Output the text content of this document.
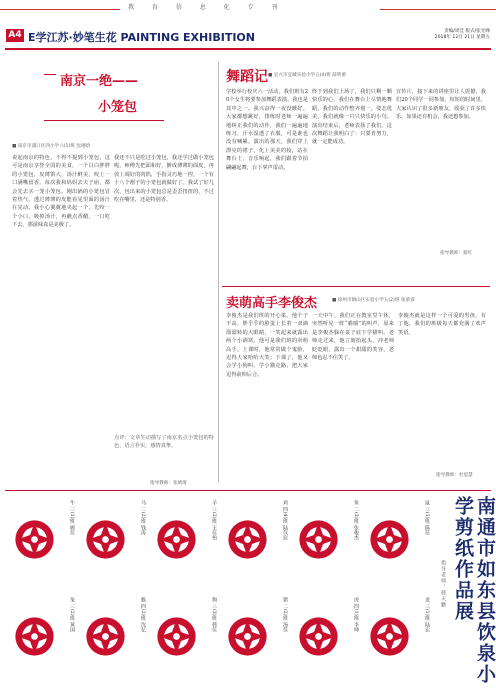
教 育 信 息 化 专 刊
A4 E学江苏·妙笔生花 PAINTING EXHIBITION	责编/周佳 版式/张光峰
2018年 12月 21日 星期五
南京一绝——
小笼包
■ 南京市浦口区四小学六(1)班 沈翊晗
说起南京的特色，不得不提到小笼包。这可是南京享誉全国的美食。一个白白胖胖的小笼包，皮薄馅大，汤汁鲜美，咬上一口满嘴留香。每次我和妈妈去夫子庙，都会先去买一笼小笼包。刚出锅的小笼包冒着热气，透过薄薄的皮能看见里面的汤汁在晃动。我小心翼翼地夹起一个，先咬一个小口，吸掉汤汁，再蘸点香醋，一口吃下去，那滋味真是美极了。
我还不只是吃过小笼包，我还学过做小笼包呢。师傅先把面和好，擀成薄薄的面皮，再放上调好的肉馅，手指灵巧地一捏，一个有十八个褶子的小笼包就做好了。我试了好几次，包出来的小笼包总是歪歪扭扭的，不过吃在嘴里，还是特别香。
点评：文章生动描写了南京名点小笼包的特色，语言朴实，感情真挚。
指导教师：张婧琦
舞蹈记 ■ 宜兴市宜城实验小学五(4)班 薛昕蕾
学校举行校庆六一活动，我们班有20个女生将要参加舞蹈表演。我也是其中之一。我兴奋得一夜没睡好。大家都想跳好，排练时老师一遍遍地纠正我们的动作，我们一遍遍地练习，汗水湿透了衣服，可是谁也没有喊累。演出的那天，我们穿上漂亮的裙子，化上美美的妆，站在舞台上，音乐响起，我们跟着节拍翩翩起舞，台下掌声雷动。
终于到我们上场了，我们只剩一颗快乐的心。我们在舞台上尽情地舞蹈，我们的动作整齐划一，姿态优美，我们就像一只只快乐的小鸟。演出结束后，老师表扬了我们。这次舞蹈让我明白了：只要肯努力，就一定能成功。
宣传片，接下来的讲座里让人震撼，我们20个同学一同参加，短短的时间里，大家认识了很多新朋友，收获了许多快乐。如果还有机会，我还想参加。
指导教师：蔡红
卖萌高手李俊杰	■ 徐州市铜山区实验小学五(2)班 张蒙睿
李俊杰是我们班的开心果。他个子不高，胖乎乎的脸蛋上长着一双滴溜溜转的大眼睛，一笑起来就露出两个小酒窝。他可是我们班的卖萌高手。上课时，他常常做个鬼脸，逗得大家哈哈大笑；下课了，他又会学小狗叫、学小猫走路，把大家逗得前仰后合。
一天中午，我们正在教室里午休，突然听见一阵“喵喵”的叫声，原来是李俊杰躲在桌子底下学猫叫。老师走过来，他立刻抬起头，冲老师眨眨眼，露出一个甜甜的笑容，老师也忍不住笑了。
李俊杰就是这样一个可爱的男孩，有了他，我们的班级每天都充满了欢声笑语。
指导教师：杜思慧
牛 三(1)班 顾佳	马 二(2)班 钱涛	羊 三(2)班 王佳怡	鸡 四(4)班 陆仪宸	鱼 二(3)班 张俊杰	鼠 三(1)班 陈佳
兔 三(2)班 黄国	猴 四(2)班 沈忆	狗 三(3)班 韩佳	猪 二(2)班 汤佳	虎 四(1)班 李坤	龙 三(1)班 陆宏	南通市如东县饮泉小学剪纸作品展
指导老师：韩天鹏
